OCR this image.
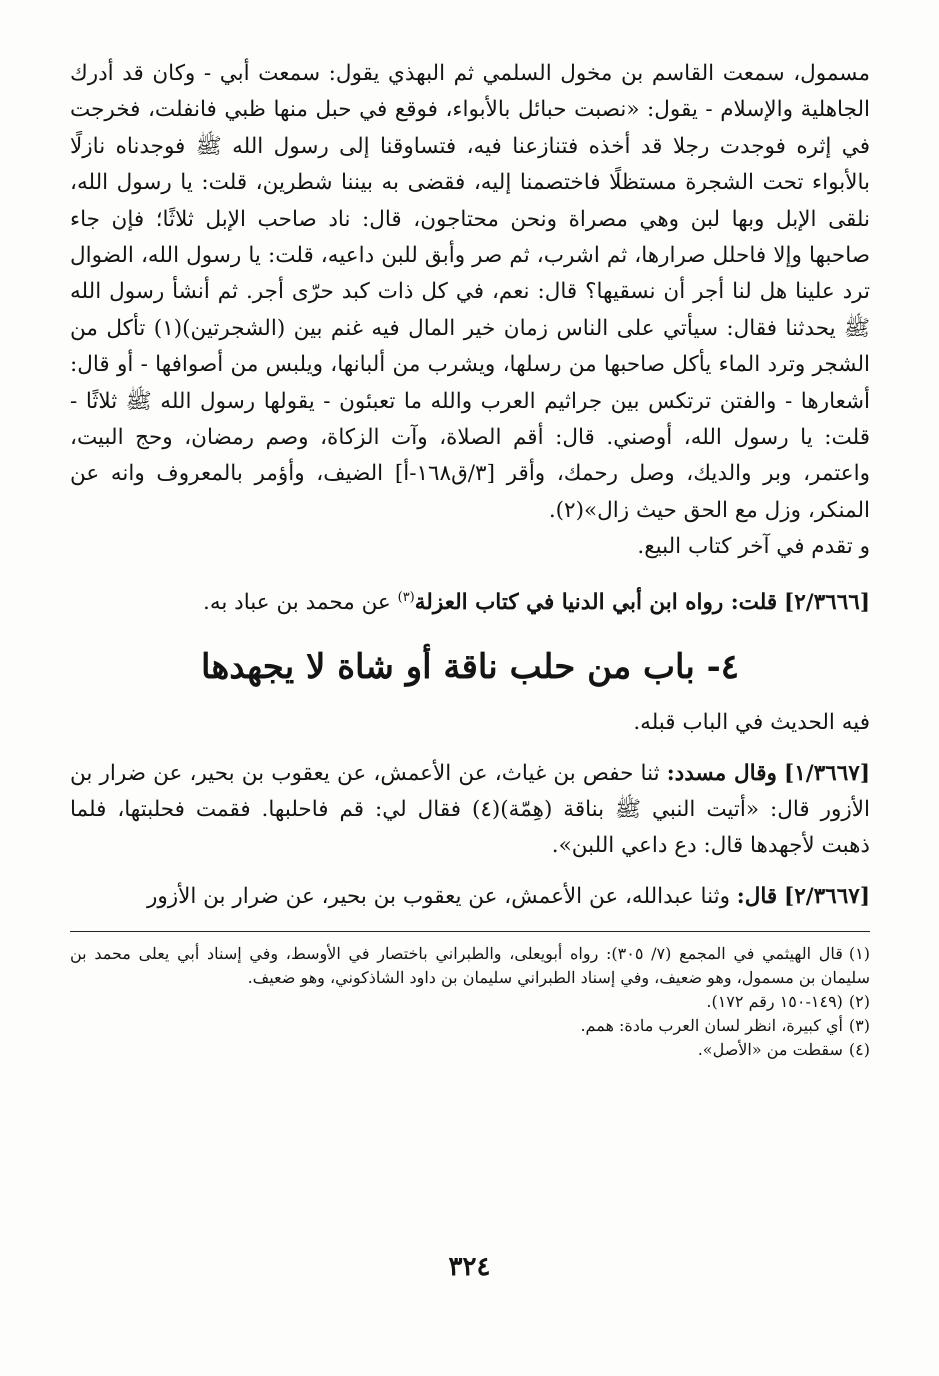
مسمول، سمعت القاسم بن مخول السلمي ثم البهذي يقول: سمعت أبي - وكان قد أدرك الجاهلية والإسلام - يقول: «نصبت حبائل بالأبواء، فوقع في حبل منها ظبي فانفلت، فخرجت في إثره فوجدت رجلا قد أخذه فتنازعنا فيه، فتساوقنا إلى رسول الله ﷺ فوجدناه نازلًا بالأبواء تحت الشجرة مستظلًا فاختصمنا إليه، فقضى به بيننا شطرين، قلت: يا رسول الله، نلقى الإبل وبها لبن وهي مصراة ونحن محتاجون، قال: ناد صاحب الإبل ثلاثًا؛ فإن جاء صاحبها وإلا فاحلل صرارها، ثم اشرب، ثم صر وأبق للبن داعيه، قلت: يا رسول الله، الضوال ترد علينا هل لنا أجر أن نسقيها؟ قال: نعم، في كل ذات كبد حرّى أجر. ثم أنشأ رسول الله ﷺ يحدثنا فقال: سيأتي على الناس زمان خير المال فيه غنم بين (الشجرتين)(١) تأكل من الشجر وترد الماء يأكل صاحبها من رسلها، ويشرب من ألبانها، ويلبس من أصوافها - أو قال: أشعارها - والفتن ترتكس بين جراثيم العرب والله ما تعبئون - يقولها رسول الله ﷺ ثلاثًا - قلت: يا رسول الله، أوصني. قال: أقم الصلاة، وآت الزكاة، وصم رمضان، وحج البيت، واعتمر، وبر والديك، وصل رحمك، وأقر [٣/ق١٦٨-أ] الضيف، وأؤمر بالمعروف وانه عن المنكر، وزل مع الحق حيث زال»(٢).

و تقدم في آخر كتاب البيع.

[٢/٣٦٦٦] قلت: رواه ابن أبي الدنيا في كتاب العزلة$^{(٣)}$ عن محمد بن عباد به.

٤- باب من حلب ناقة أو شاة لا يجهدها

فيه الحديث في الباب قبله.

[١/٣٦٦٧] وقال مسدد: ثنا حفص بن غياث، عن الأعمش، عن يعقوب بن بحير، عن ضرار بن الأزور قال: «أتيت النبي ﷺ بناقة (هِمّة)(٤) فقال لي: قم فاحلبها. فقمت فحلبتها، فلما ذهبت لأجهدها قال: دع داعي اللبن».

[٢/٣٦٦٧] قال: وثنا عبدالله، عن الأعمش، عن يعقوب بن بحير، عن ضرار بن الأزور

(١)قال الهيثمي في المجمع (٧/ ٣٠٥): رواه أبويعلى، والطبراني باختصار في الأوسط، وفي إسناد أبي يعلى محمد بن سليمان بن مسمول، وهو ضعيف، وفي إسناد الطبراني سليمان بن داود الشاذكوني، وهو ضعيف.

(٢)(١٤٩-١٥٠ رقم ١٧٢).

(٣)أي كبيرة، انظر لسان العرب مادة: همم.

(٤)سقطت من «الأصل».

٣٢٤
